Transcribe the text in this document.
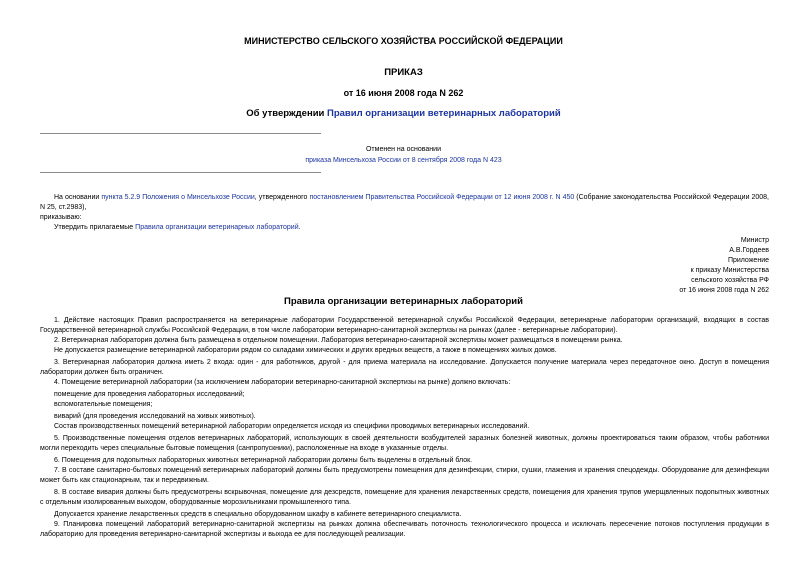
МИНИСТЕРСТВО СЕЛЬСКОГО ХОЗЯЙСТВА РОССИЙСКОЙ ФЕДЕРАЦИИ
ПРИКАЗ
от 16 июня 2008 года N 262
Об утверждении Правил организации ветеринарных лабораторий
Отменен на основании
приказа Минсельхоза России от 8 сентября 2008 года N 423
На основании пункта 5.2.9 Положения о Минсельхозе России, утвержденного постановлением Правительства Российской Федерации от 12 июня 2008 г. N 450 (Собрание законодательства Российской Федерации 2008, N 25, ст.2983),
приказываю:
Утвердить прилагаемые Правила организации ветеринарных лабораторий.
Министр
А.В.Гордеев
Приложение
к приказу Министерства
сельского хозяйства РФ
от 16 июня 2008 года N 262
Правила организации ветеринарных лабораторий
1. Действие настоящих Правил распространяется на ветеринарные лаборатории Государственной ветеринарной службы Российской Федерации, ветеринарные лаборатории организаций, входящих в состав Государственной ветеринарной службы Российской Федерации, в том числе лаборатории ветеринарно-санитарной экспертизы на рынках (далее - ветеринарные лаборатории).
2. Ветеринарная лаборатория должна быть размещена в отдельном помещении. Лаборатория ветеринарно-санитарной экспертизы может размещаться в помещении рынка.
Не допускается размещение ветеринарной лаборатории рядом со складами химических и других вредных веществ, а также в помещениях жилых домов.
3. Ветеринарная лаборатория должна иметь 2 входа: один - для работников, другой - для приема материала на исследование. Допускается получение материала через передаточное окно. Доступ в помещения лаборатории должен быть ограничен.
4. Помещение ветеринарной лаборатории (за исключением лаборатории ветеринарно-санитарной экспертизы на рынке) должно включать:
помещение для проведения лабораторных исследований;
вспомогательные помещения;
виварий (для проведения исследований на живых животных).
Состав производственных помещений ветеринарной лаборатории определяется исходя из специфики проводимых ветеринарных исследований.
5. Производственные помещения отделов ветеринарных лабораторий, использующих в своей деятельности возбудителей заразных болезней животных, должны проектироваться таким образом, чтобы работники могли переходить через специальные бытовые помещения (санпропускники), расположенные на входе в указанные отделы.
6. Помещения для подопытных лабораторных животных ветеринарной лаборатории должны быть выделены в отдельный блок.
7. В составе санитарно-бытовых помещений ветеринарных лабораторий должны быть предусмотрены помещения для дезинфекции, стирки, сушки, глажения и хранения спецодежды. Оборудование для дезинфекции может быть как стационарным, так и передвижным.
8. В составе вивария должны быть предусмотрены вскрывочная, помещение для дезсредств, помещение для хранения лекарственных средств, помещения для хранения трупов умерщвленных подопытных животных с отдельным изолированным выходом, оборудованные морозильниками промышленного типа.
Допускается хранение лекарственных средств в специально оборудованном шкафу в кабинете ветеринарного специалиста.
9. Планировка помещений лабораторий ветеринарно-санитарной экспертизы на рынках должна обеспечивать поточность технологического процесса и исключать пересечение потоков поступления продукции в лабораторию для проведения ветеринарно-санитарной экспертизы и выхода ее для последующей реализации.
